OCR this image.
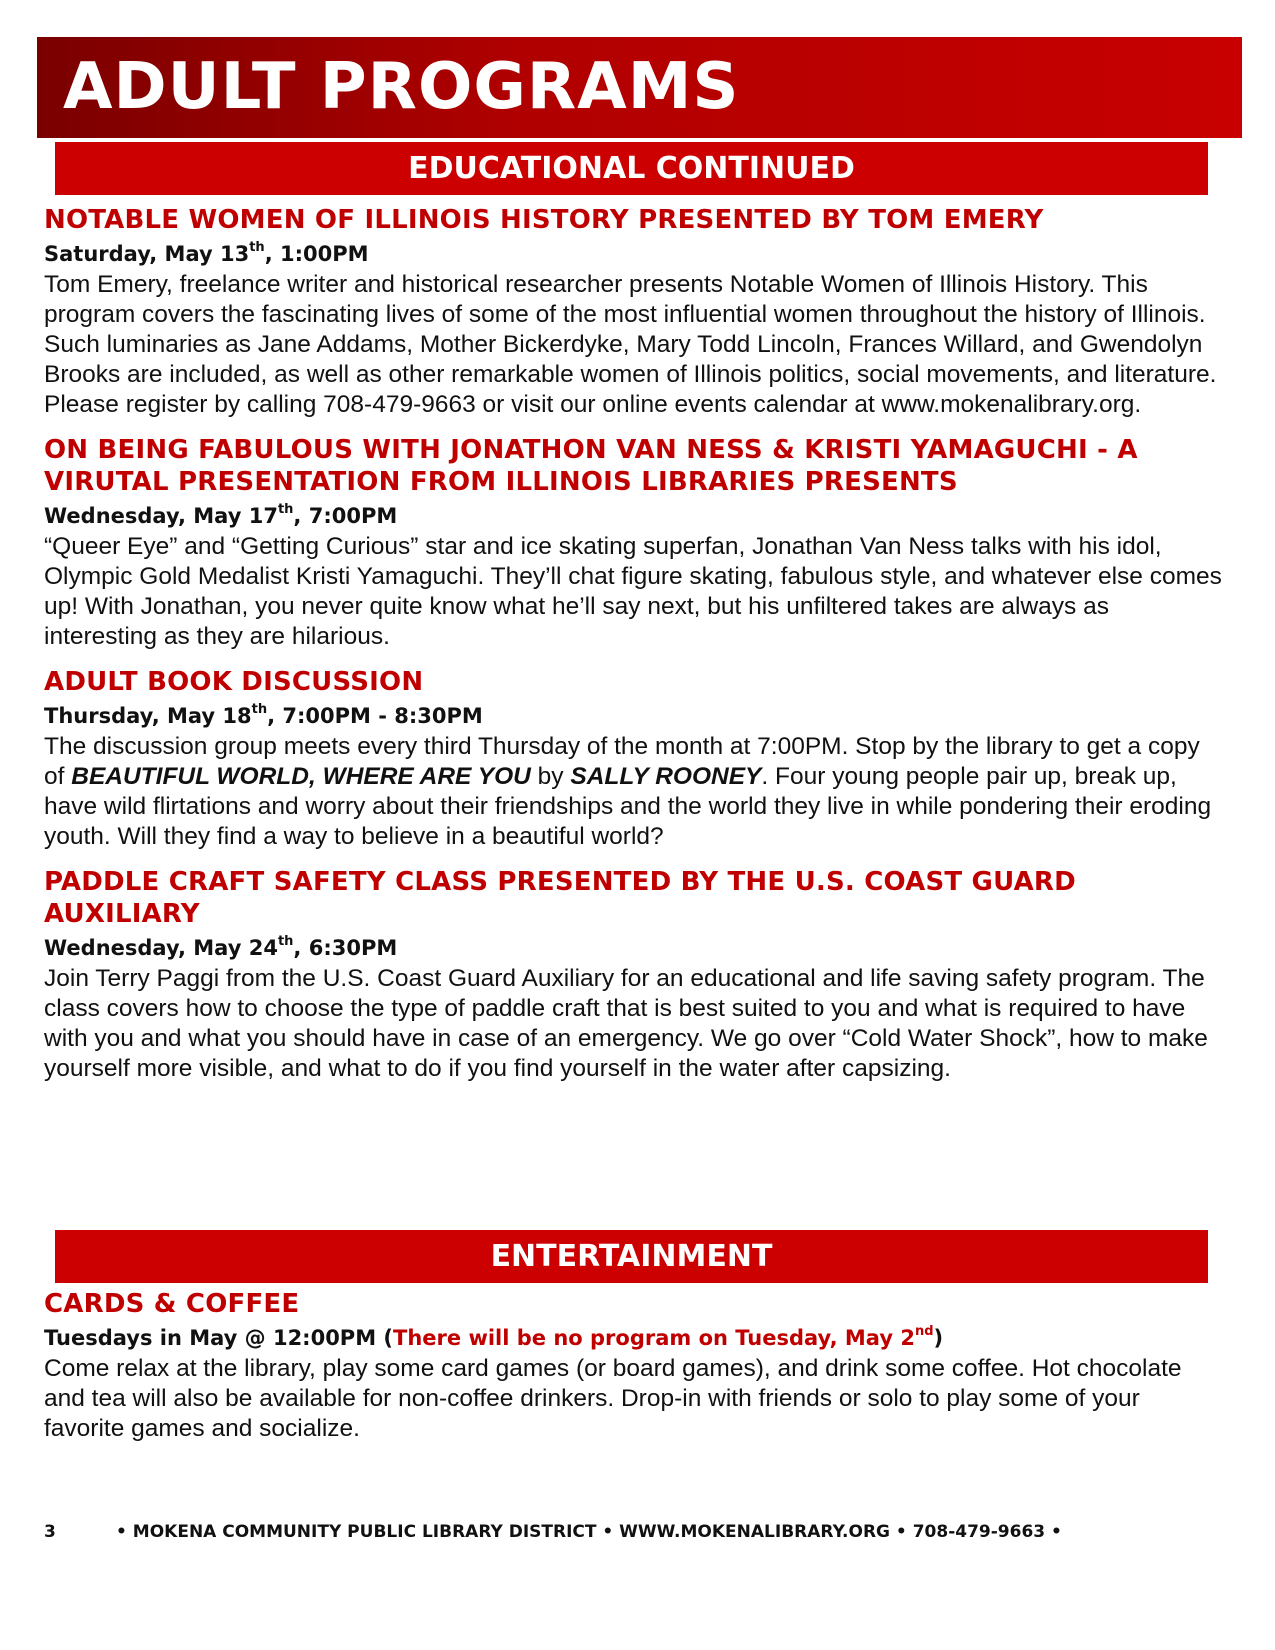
ADULT PROGRAMS
EDUCATIONAL CONTINUED
NOTABLE WOMEN OF ILLINOIS HISTORY PRESENTED BY TOM EMERY
Saturday, May 13th, 1:00PM

Tom Emery, freelance writer and historical researcher presents Notable Women of Illinois History. This program covers the fascinating lives of some of the most influential women throughout the history of Illinois. Such luminaries as Jane Addams, Mother Bickerdyke, Mary Todd Lincoln, Frances Willard, and Gwendolyn Brooks are included, as well as other remarkable women of Illinois politics, social movements, and literature.

Please register by calling 708-479-9663 or visit our online events calendar at www.mokenalibrary.org.

ON BEING FABULOUS WITH JONATHON VAN NESS & KRISTI YAMAGUCHI - A VIRUTAL PRESENTATION FROM ILLINOIS LIBRARIES PRESENTS
Wednesday, May 17th, 7:00PM

“Queer Eye” and “Getting Curious” star and ice skating superfan, Jonathan Van Ness talks with his idol, Olympic Gold Medalist Kristi Yamaguchi. They’ll chat figure skating, fabulous style, and whatever else comes up! With Jonathan, you never quite know what he’ll say next, but his unfiltered takes are always as interesting as they are hilarious.

ADULT BOOK DISCUSSION
Thursday, May 18th, 7:00PM - 8:30PM

The discussion group meets every third Thursday of the month at 7:00PM. Stop by the library to get a copy of BEAUTIFUL WORLD, WHERE ARE YOU by SALLY ROONEY. Four young people pair up, break up, have wild flirtations and worry about their friendships and the world they live in while pondering their eroding youth. Will they find a way to believe in a beautiful world?

PADDLE CRAFT SAFETY CLASS PRESENTED BY THE U.S. COAST GUARD AUXILIARY
Wednesday, May 24th, 6:30PM

Join Terry Paggi from the U.S. Coast Guard Auxiliary for an educational and life saving safety program. The class covers how to choose the type of paddle craft that is best suited to you and what is required to have with you and what you should have in case of an emergency. We go over “Cold Water Shock”, how to make yourself more visible, and what to do if you find yourself in the water after capsizing.

ENTERTAINMENT
CARDS & COFFEE
Tuesdays in May @ 12:00PM (There will be no program on Tuesday, May 2nd)

Come relax at the library, play some card games (or board games), and drink some coffee. Hot chocolate and tea will also be available for non-coffee drinkers. Drop-in with friends or solo to play some of your favorite games and socialize.

3	• MOKENA COMMUNITY PUBLIC LIBRARY DISTRICT • WWW.MOKENALIBRARY.ORG • 708-479-9663 •
